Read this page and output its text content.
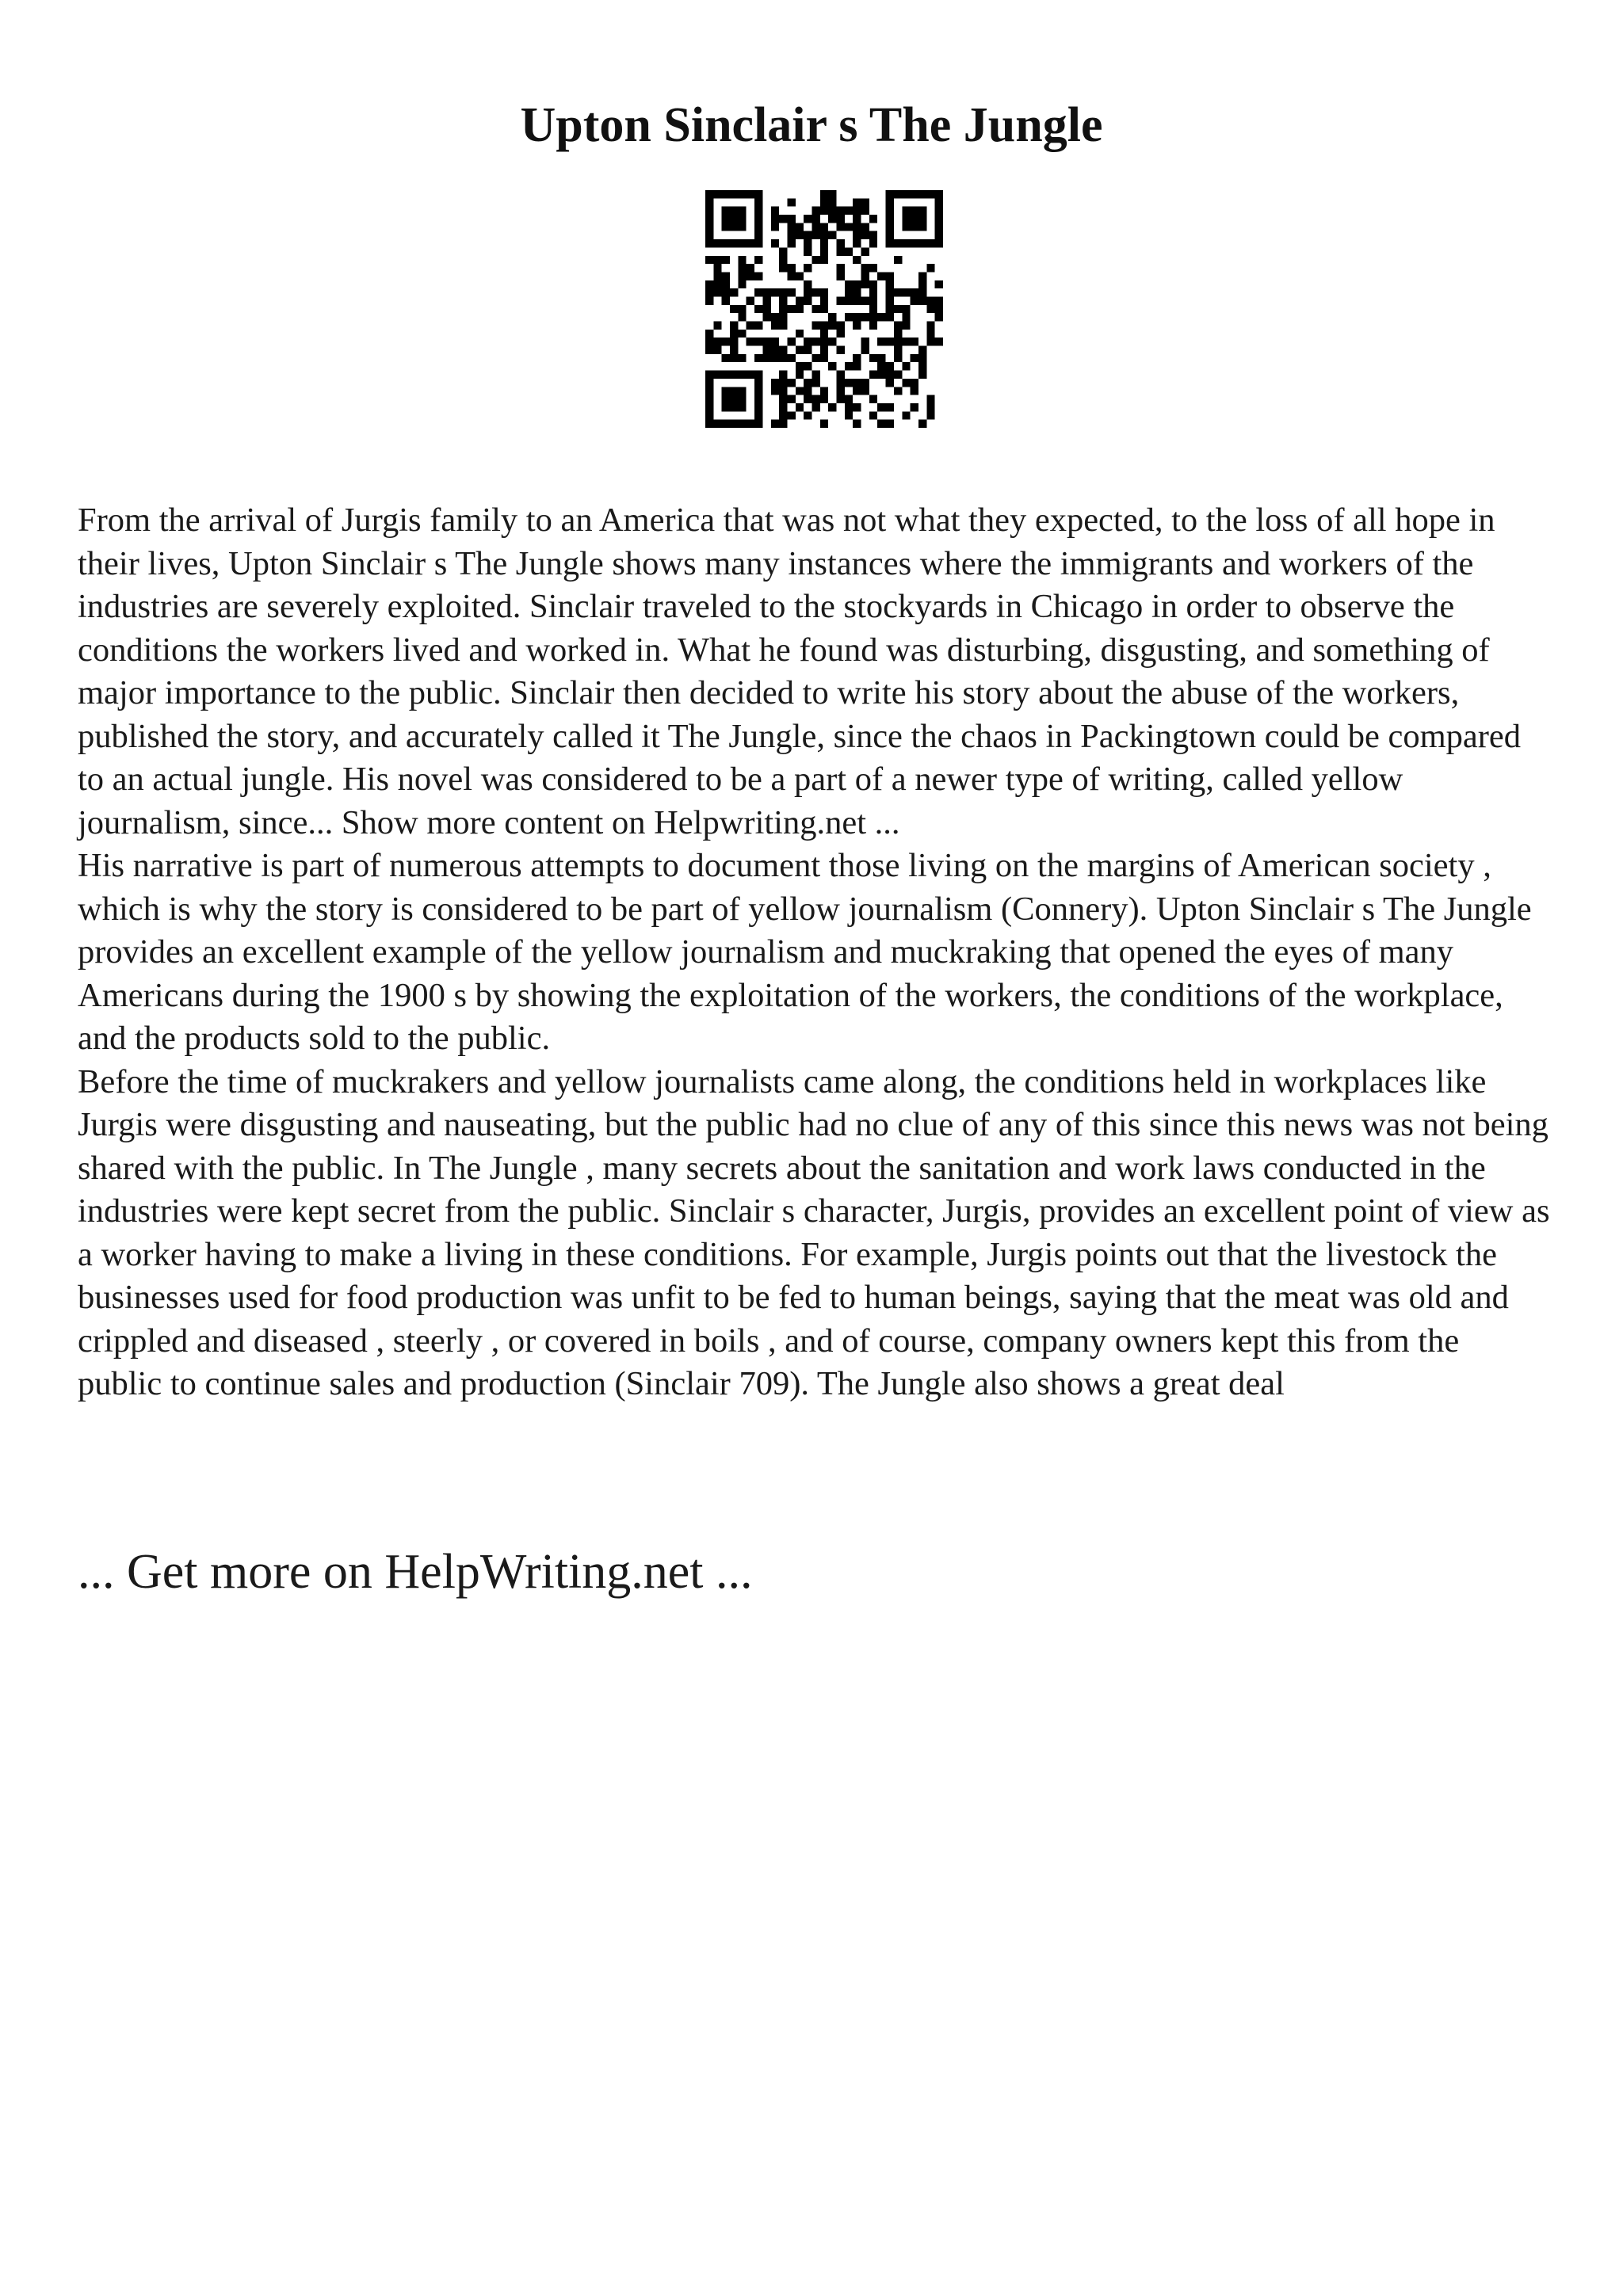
Upton Sinclair s The Jungle

From the arrival of Jurgis family to an America that was not what they expected, to the loss of all hope in their lives, Upton Sinclair s The Jungle shows many instances where the immigrants and workers of the industries are severely exploited. Sinclair traveled to the stockyards in Chicago in order to observe the conditions the workers lived and worked in. What he found was disturbing, disgusting, and something of major importance to the public. Sinclair then decided to write his story about the abuse of the workers, published the story, and accurately called it The Jungle, since the chaos in Packingtown could be compared to an actual jungle. His novel was considered to be a part of a newer type of writing, called yellow journalism, since... Show more content on Helpwriting.net ...

His narrative is part of numerous attempts to document those living on the margins of American society , which is why the story is considered to be part of yellow journalism (Connery). Upton Sinclair s The Jungle provides an excellent example of the yellow journalism and muckraking that opened the eyes of many Americans during the 1900 s by showing the exploitation of the workers, the conditions of the workplace, and the products sold to the public.

Before the time of muckrakers and yellow journalists came along, the conditions held in workplaces like Jurgis were disgusting and nauseating, but the public had no clue of any of this since this news was not being shared with the public. In The Jungle , many secrets about the sanitation and work laws conducted in the industries were kept secret from the public. Sinclair s character, Jurgis, provides an excellent point of view as a worker having to make a living in these conditions. For example, Jurgis points out that the livestock the businesses used for food production was unfit to be fed to human beings, saying that the meat was old and crippled and diseased , steerly , or covered in boils , and of course, company owners kept this from the public to continue sales and production (Sinclair 709). The Jungle also shows a great deal

... Get more on HelpWriting.net ...
